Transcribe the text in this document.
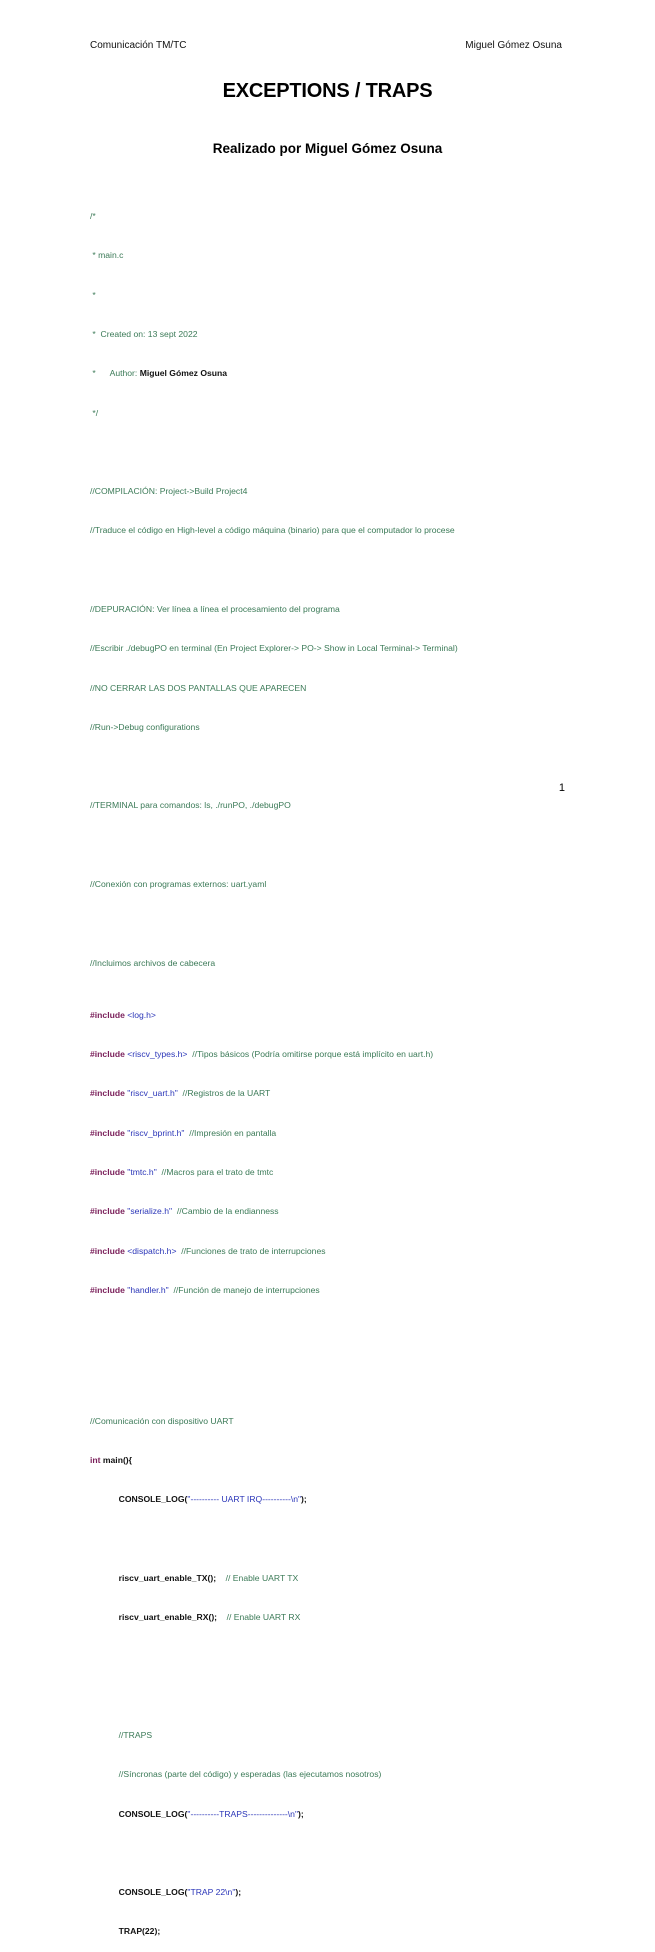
Comunicación TM/TC	Miguel Gómez Osuna
EXCEPTIONS / TRAPS
Realizado por Miguel Gómez Osuna

/*

* main.c

*

*  Created on: 13 sept 2022

*      Author: Miguel Gómez Osuna

*/

//COMPILACIÓN: Project->Build Project4

//Traduce el código en High-level a código máquina (binario) para que el computador lo procese

//DEPURACIÓN: Ver línea a línea el procesamiento del programa

//Escribir ./debugPO en terminal (En Project Explorer-> PO-> Show in Local Terminal-> Terminal)

//NO CERRAR LAS DOS PANTALLAS QUE APARECEN

//Run->Debug configurations

//TERMINAL para comandos: ls, ./runPO, ./debugPO

//Conexión con programas externos: uart.yaml

//Incluimos archivos de cabecera

#include <log.h>

#include <riscv_types.h>  //Tipos básicos (Podría omitirse porque está implícito en uart.h)

#include "riscv_uart.h"  //Registros de la UART

#include "riscv_bprint.h"  //Impresión en pantalla

#include "tmtc.h"  //Macros para el trato de tmtc

#include "serialize.h"  //Cambio de la endianness

#include <dispatch.h>  //Funciones de trato de interrupciones

#include "handler.h"  //Función de manejo de interrupciones

//Comunicación con dispositivo UART

int main(){

CONSOLE_LOG("---------- UART IRQ----------\n");

riscv_uart_enable_TX();    // Enable UART TX

riscv_uart_enable_RX();    // Enable UART RX

//TRAPS

//Síncronas (parte del código) y esperadas (las ejecutamos nosotros)

CONSOLE_LOG("----------TRAPS--------------\n");

CONSOLE_LOG("TRAP 22\n");

TRAP(22);

1
